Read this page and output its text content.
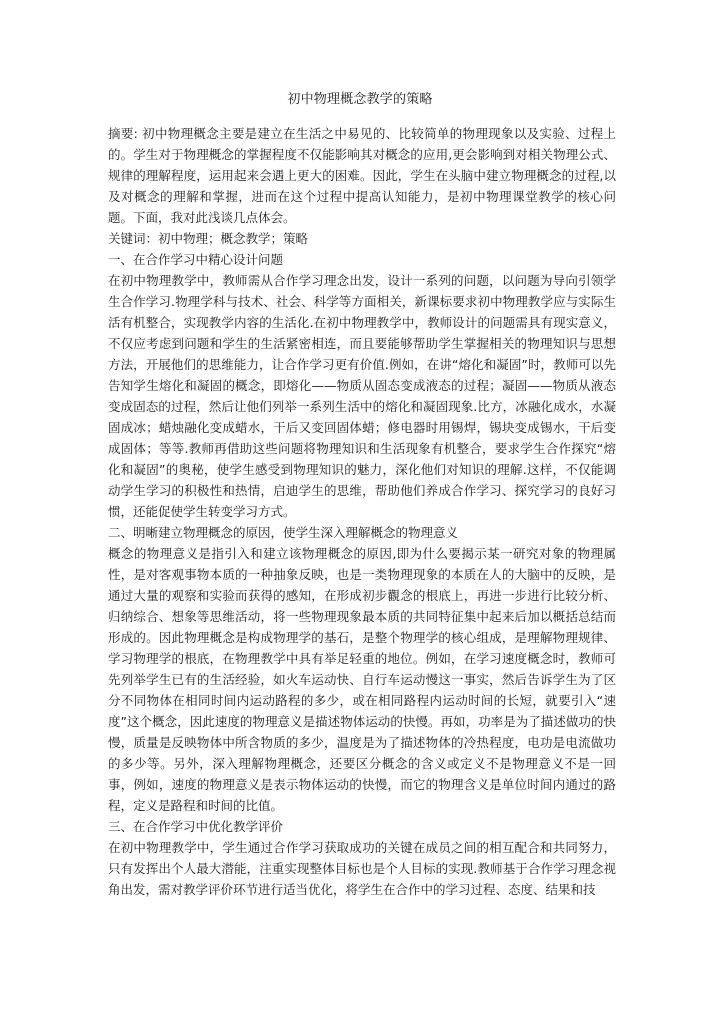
初中物理概念教学的策略

摘要: 初中物理概念主要是建立在生活之中易见的、比较简单的物理现象以及实验、过程上的。学生对于物理概念的掌握程度不仅能影响其对概念的应用,更会影响到对相关物理公式、规律的理解程度，运用起来会遇上更大的困难。因此，学生在头脑中建立物理概念的过程,以及对概念的理解和掌握，进而在这个过程中提高认知能力，是初中物理课堂教学的核心问题。下面，我对此浅谈几点体会。

关键词：初中物理；概念教学；策略

一、在合作学习中精心设计问题

在初中物理教学中，教师需从合作学习理念出发，设计一系列的问题，以问题为导向引领学生合作学习.物理学科与技术、社会、科学等方面相关，新课标要求初中物理教学应与实际生活有机整合，实现教学内容的生活化.在初中物理教学中，教师设计的问题需具有现实意义，不仅应考虑到问题和学生的生活紧密相连，而且要能够帮助学生掌握相关的物理知识与思想方法，开展他们的思维能力，让合作学习更有价值.例如，在讲“熔化和凝固”时，教师可以先告知学生熔化和凝固的概念，即熔化——物质从固态变成液态的过程；凝固——物质从液态变成固态的过程，然后让他们列举一系列生活中的熔化和凝固现象.比方，冰融化成水，水凝固成冰；蜡烛融化变成蜡水，干后又变回固体蜡；修电器时用锡焊，锡块变成锡水，干后变成固体；等等.教师再借助这些问题将物理知识和生活现象有机整合，要求学生合作探究“熔化和凝固”的奥秘，使学生感受到物理知识的魅力，深化他们对知识的理解.这样，不仅能调动学生学习的积极性和热情，启迪学生的思维，帮助他们养成合作学习、探究学习的良好习惯，还能促使学生转变学习方式。

二、明晰建立物理概念的原因，使学生深入理解概念的物理意义

概念的物理意义是指引入和建立该物理概念的原因,即为什么要揭示某一研究对象的物理属性，是对客观事物本质的一种抽象反映，也是一类物理现象的本质在人的大脑中的反映，是通过大量的观察和实验而获得的感知，在形成初步觀念的根底上，再进一步进行比较分析、归纳综合、想象等思维活动，将一些物理现象最本质的共同特征集中起来后加以概括总结而形成的。因此物理概念是构成物理学的基石，是整个物理学的核心组成，是理解物理规律、学习物理学的根底，在物理教学中具有举足轻重的地位。例如，在学习速度概念时，教师可先列举学生已有的生活经验，如火车运动快、自行车运动慢这一事实，然后告诉学生为了区分不同物体在相同时间内运动路程的多少，或在相同路程内运动时间的长短，就要引入“速度”这个概念，因此速度的物理意义是描述物体运动的快慢。再如，功率是为了描述做功的快慢，质量是反映物体中所含物质的多少，温度是为了描述物体的冷热程度，电功是电流做功的多少等。另外，深入理解物理概念，还要区分概念的含义或定义不是物理意义不是一回事，例如，速度的物理意义是表示物体运动的快慢，而它的物理含义是单位时间内通过的路程，定义是路程和时间的比值。

三、在合作学习中优化教学评价

在初中物理教学中，学生通过合作学习获取成功的关键在成员之间的相互配合和共同努力，只有发挥出个人最大潜能，注重实现整体目标也是个人目标的实现.教师基于合作学习理念视角出发，需对教学评价环节进行适当优化，将学生在合作中的学习过程、态度、结果和技
